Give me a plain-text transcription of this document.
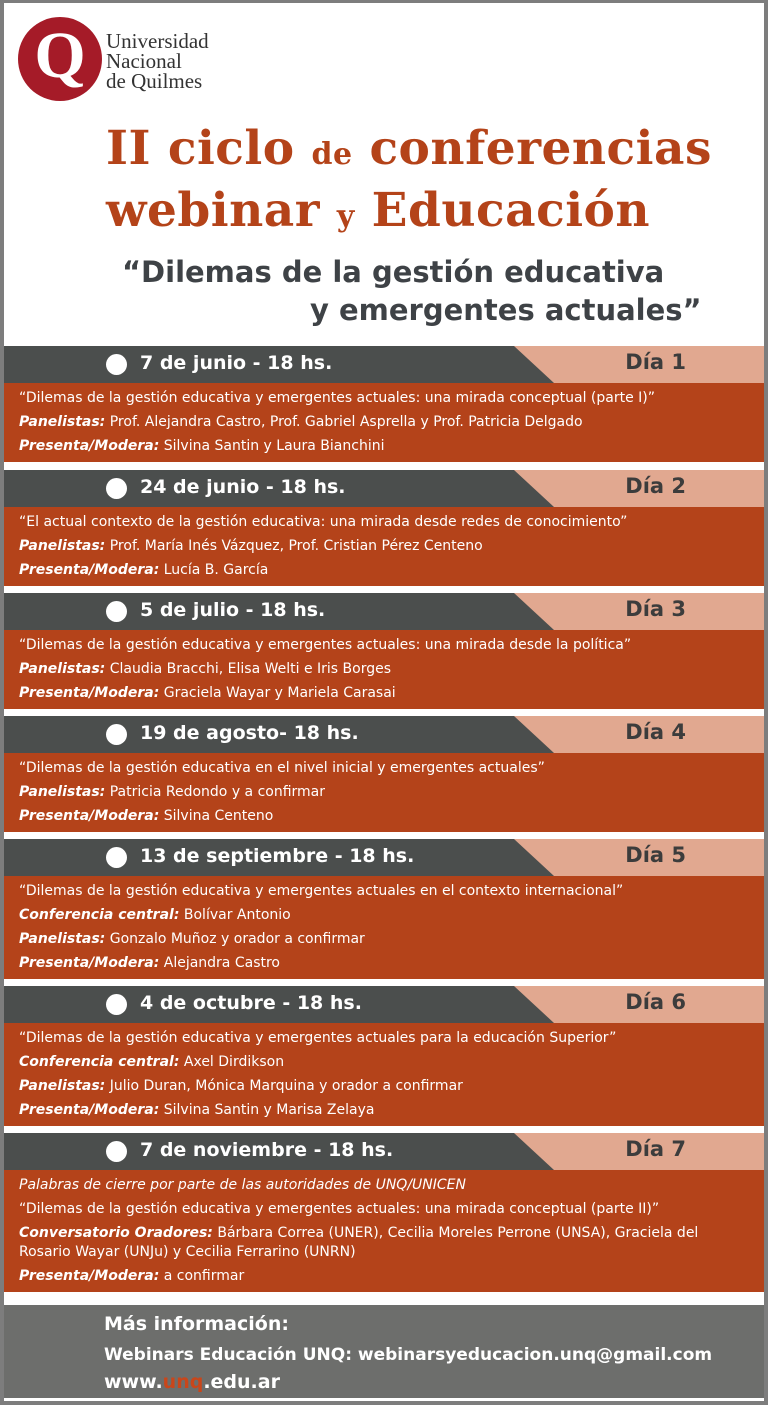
Q Universidad
Nacional
de Quilmes
II ciclo de conferencias
webinar y Educación
“Dilemas de la gestión educativa
y emergentes actuales”
7 de junio - 18 hs.	Día 1
“Dilemas de la gestión educativa y emergentes actuales: una mirada conceptual (parte I)”
Panelistas: Prof. Alejandra Castro, Prof. Gabriel Asprella y Prof. Patricia Delgado
Presenta/Modera: Silvina Santin y Laura Bianchini
24 de junio - 18 hs.	Día 2
“El actual contexto de la gestión educativa: una mirada desde redes de conocimiento”
Panelistas: Prof. María Inés Vázquez, Prof. Cristian Pérez Centeno
Presenta/Modera: Lucía B. García
5 de julio - 18 hs.	Día 3
“Dilemas de la gestión educativa y emergentes actuales: una mirada desde la política”
Panelistas: Claudia Bracchi, Elisa Welti e Iris Borges
Presenta/Modera: Graciela Wayar y Mariela Carasai
19 de agosto- 18 hs.	Día 4
“Dilemas de la gestión educativa en el nivel inicial y emergentes actuales”
Panelistas: Patricia Redondo y a confirmar
Presenta/Modera: Silvina Centeno
13 de septiembre - 18 hs.	Día 5
“Dilemas de la gestión educativa y emergentes actuales en el contexto internacional”
Conferencia central: Bolívar Antonio
Panelistas: Gonzalo Muñoz y orador a confirmar
Presenta/Modera: Alejandra Castro
4 de octubre - 18 hs.	Día 6
“Dilemas de la gestión educativa y emergentes actuales para la educación Superior”
Conferencia central: Axel Dirdikson
Panelistas: Julio Duran, Mónica Marquina y orador a confirmar
Presenta/Modera: Silvina Santin y Marisa Zelaya
7 de noviembre - 18 hs.	Día 7
Palabras de cierre por parte de las autoridades de UNQ/UNICEN
“Dilemas de la gestión educativa y emergentes actuales: una mirada conceptual (parte II)”
Conversatorio Oradores: Bárbara Correa (UNER), Cecilia Moreles Perrone (UNSA), Graciela del Rosario Wayar (UNJu) y Cecilia Ferrarino (UNRN)
Presenta/Modera: a confirmar
Más información:
Webinars Educación UNQ: webinarsyeducacion.unq@gmail.com
www.unq.edu.ar
